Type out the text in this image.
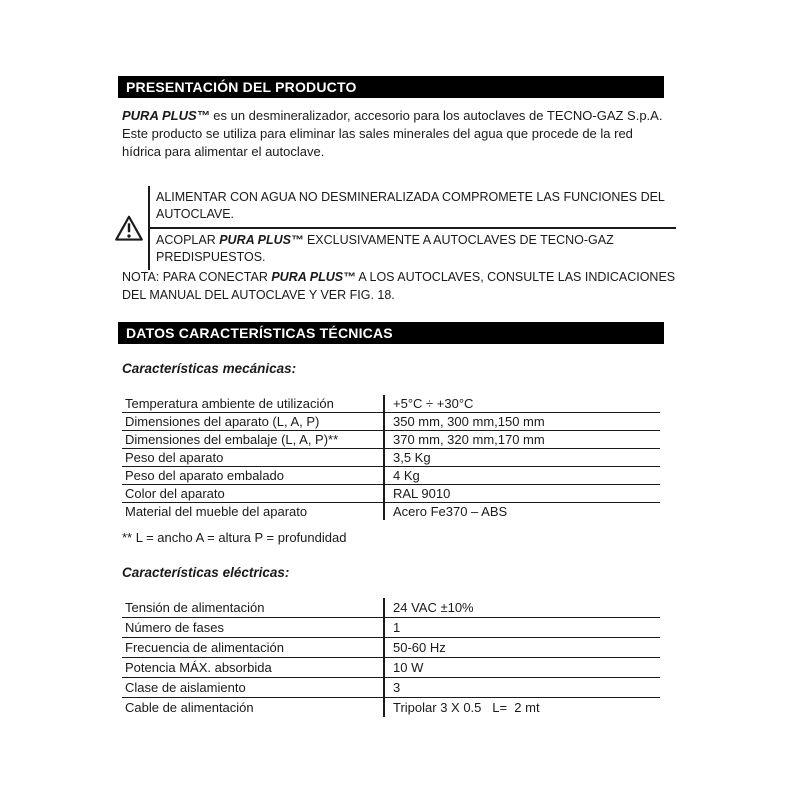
PRESENTACIÓN DEL PRODUCTO

PURA PLUS™ es un desmineralizador, accesorio para los autoclaves de TECNO-GAZ S.p.A. Este producto se utiliza para eliminar las sales minerales del agua que procede de la red hídrica para alimentar el autoclave.

ALIMENTAR CON AGUA NO DESMINERALIZADA COMPROMETE LAS FUNCIONES DEL AUTOCLAVE.
ACOPLAR PURA PLUS™ EXCLUSIVAMENTE A AUTOCLAVES DE TECNO-GAZ PREDISPUESTOS.

NOTA: PARA CONECTAR PURA PLUS™ A LOS AUTOCLAVES, CONSULTE LAS INDICACIONES DEL MANUAL DEL AUTOCLAVE Y VER FIG. 18.

DATOS CARACTERÍSTICAS TÉCNICAS
Características mecánicas:
Temperatura ambiente de utilización	+5°C ÷ +30°C
Dimensiones del aparato (L, A, P)	350 mm, 300 mm,150 mm
Dimensiones del embalaje (L, A, P)**	370 mm, 320 mm,170 mm
Peso del aparato	3,5 Kg
Peso del aparato embalado	4 Kg
Color del aparato	RAL 9010
Material del mueble del aparato	Acero Fe370 – ABS
** L = ancho A = altura P = profundidad
Características eléctricas:
Tensión de alimentación	24 VAC ±10%
Número de fases	1
Frecuencia de alimentación	50-60 Hz
Potencia MÁX. absorbida	10 W
Clase de aislamiento	3
Cable de alimentación	Tripolar 3 X 0.5   L=  2 mt
